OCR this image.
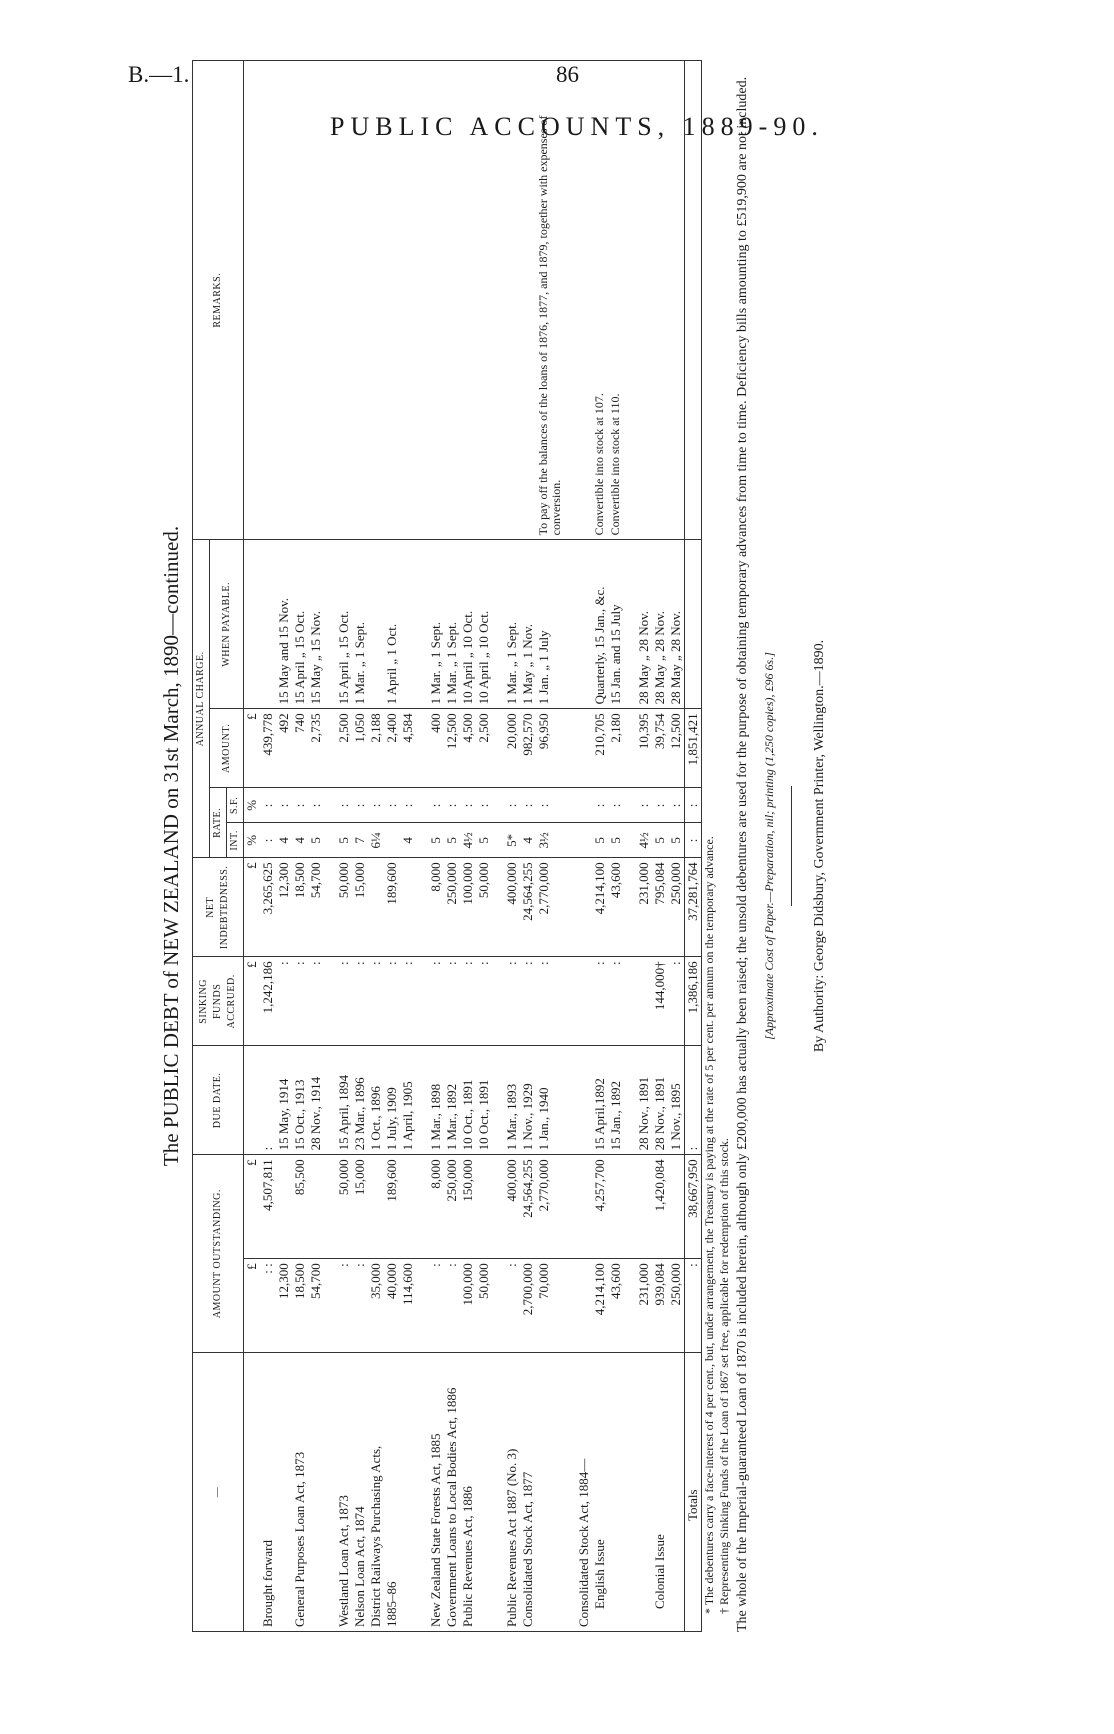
B.—1.	86
PUBLIC ACCOUNTS, 1889-90.
The PUBLIC DEBT of NEW ZEALAND on 31st March, 1890—continued.
—	AMOUNT OUTSTANDING.		DUE DATE.	SINKING FUNDS ACCRUED.	NET INDEBTEDNESS.	ANNUAL CHARGE.				REMARKS.
						RATE.		AMOUNT.	WHEN PAYABLE.	
						INT.	S.F.			
	£	£		£	£	%	%	£		
Brought forward	: :	4,507,811	:	1,242,186	3,265,625	:	:	439,778		
	12,300		15 May, 1914	:	12,300	4	:	492	15 May and 15 Nov.	
General Purposes Loan Act, 1873	18,500	85,500	15 Oct., 1913	:	18,500	4	:	740	15 April „ 15 Oct.	
	54,700		28 Nov., 1914	:	54,700	5	:	2,735	15 May „ 15 Nov.	

Westland Loan Act, 1873	:	50,000	15 April, 1894	:	50,000	5	:	2,500	15 April „ 15 Oct.	
Nelson Loan Act, 1874	:	15,000	23 Mar., 1896	:	15,000	7	:	1,050	1 Mar. „ 1 Sept.	
District Railways Purchasing Acts,	35,000		1 Oct., 1896	:		6¼	:	2,188		
1885–86	40,000	189,600	1 July, 1909	:	189,600		:	2,400	1 April „ 1 Oct.	
	114,600		1 April, 1905	:		4	:	4,584		

New Zealand State Forests Act, 1885	:	8,000	1 Mar., 1898	:	8,000	5	:	400	1 Mar. „ 1 Sept.	
Government Loans to Local Bodies Act, 1886	:	250,000	1 Mar., 1892	:	250,000	5	:	12,500	1 Mar. „ 1 Sept.	
Public Revenues Act, 1886	100,000	150,000	10 Oct., 1891	:	100,000	4½	:	4,500	10 April „ 10 Oct.	
	50,000		10 Oct., 1891	:	50,000	5	:	2,500	10 April „ 10 Oct.	

Public Revenues Act 1887 (No. 3)	:	400,000	1 Mar., 1893	:	400,000	5*	:	20,000	1 Mar. „ 1 Sept.	
Consolidated Stock Act, 1877	2,700,000	24,564,255	1 Nov., 1929	:	24,564,255	4	:	982,570	1 May „ 1 Nov.	
	70,000	2,770,000	1 Jan., 1940	:	2,770,000	3½	:	96,950	1 Jan. „ 1 July	To pay off the balances of the loans of 1876, 1877, and 1879, together with expenses of conversion.

Consolidated Stock Act, 1884—										
English Issue	4,214,100	4,257,700	15 April,1892	:	4,214,100	5	:	210,705	Quarterly, 15 Jan., &c.	Convertible into stock at 107.
	43,600		15 Jan., 1892	:	43,600	5	:	2,180	15 Jan. and 15 July	Convertible into stock at 110.

	231,000		28 Nov., 1891		231,000	4½	:	10,395	28 May „ 28 Nov.	
Colonial Issue	939,084	1,420,084	28 Nov., 1891	144,000†	795,084	5	:	39,754	28 May „ 28 Nov.	
	250,000		1 Nov., 1895	:	250,000	5	:	12,500	28 May „ 28 Nov.	
Totals	:	38,667,950	:	1,386,186	37,281,764	:	:	1,851,421		
* The debentures carry a face-interest of 4 per cent., but, under arrangement, the Treasury is paying at the rate of 5 per cent. per annum on the temporary advance. † Representing Sinking Funds of the Loan of 1867 set free, applicable for redemption of this stock. The whole of the Imperial-guaranteed Loan of 1870 is included herein, although only £200,000 has actually been raised; the unsold debentures are used for the purpose of obtaining temporary advances from time to time. Deficiency bills amounting to £519,900 are not included. [Approximate Cost of Paper.—Preparation, nil; printing (1,250 copies), £96 6s.]	By Authority: George Didsbury, Government Printer, Wellington.—1890.
